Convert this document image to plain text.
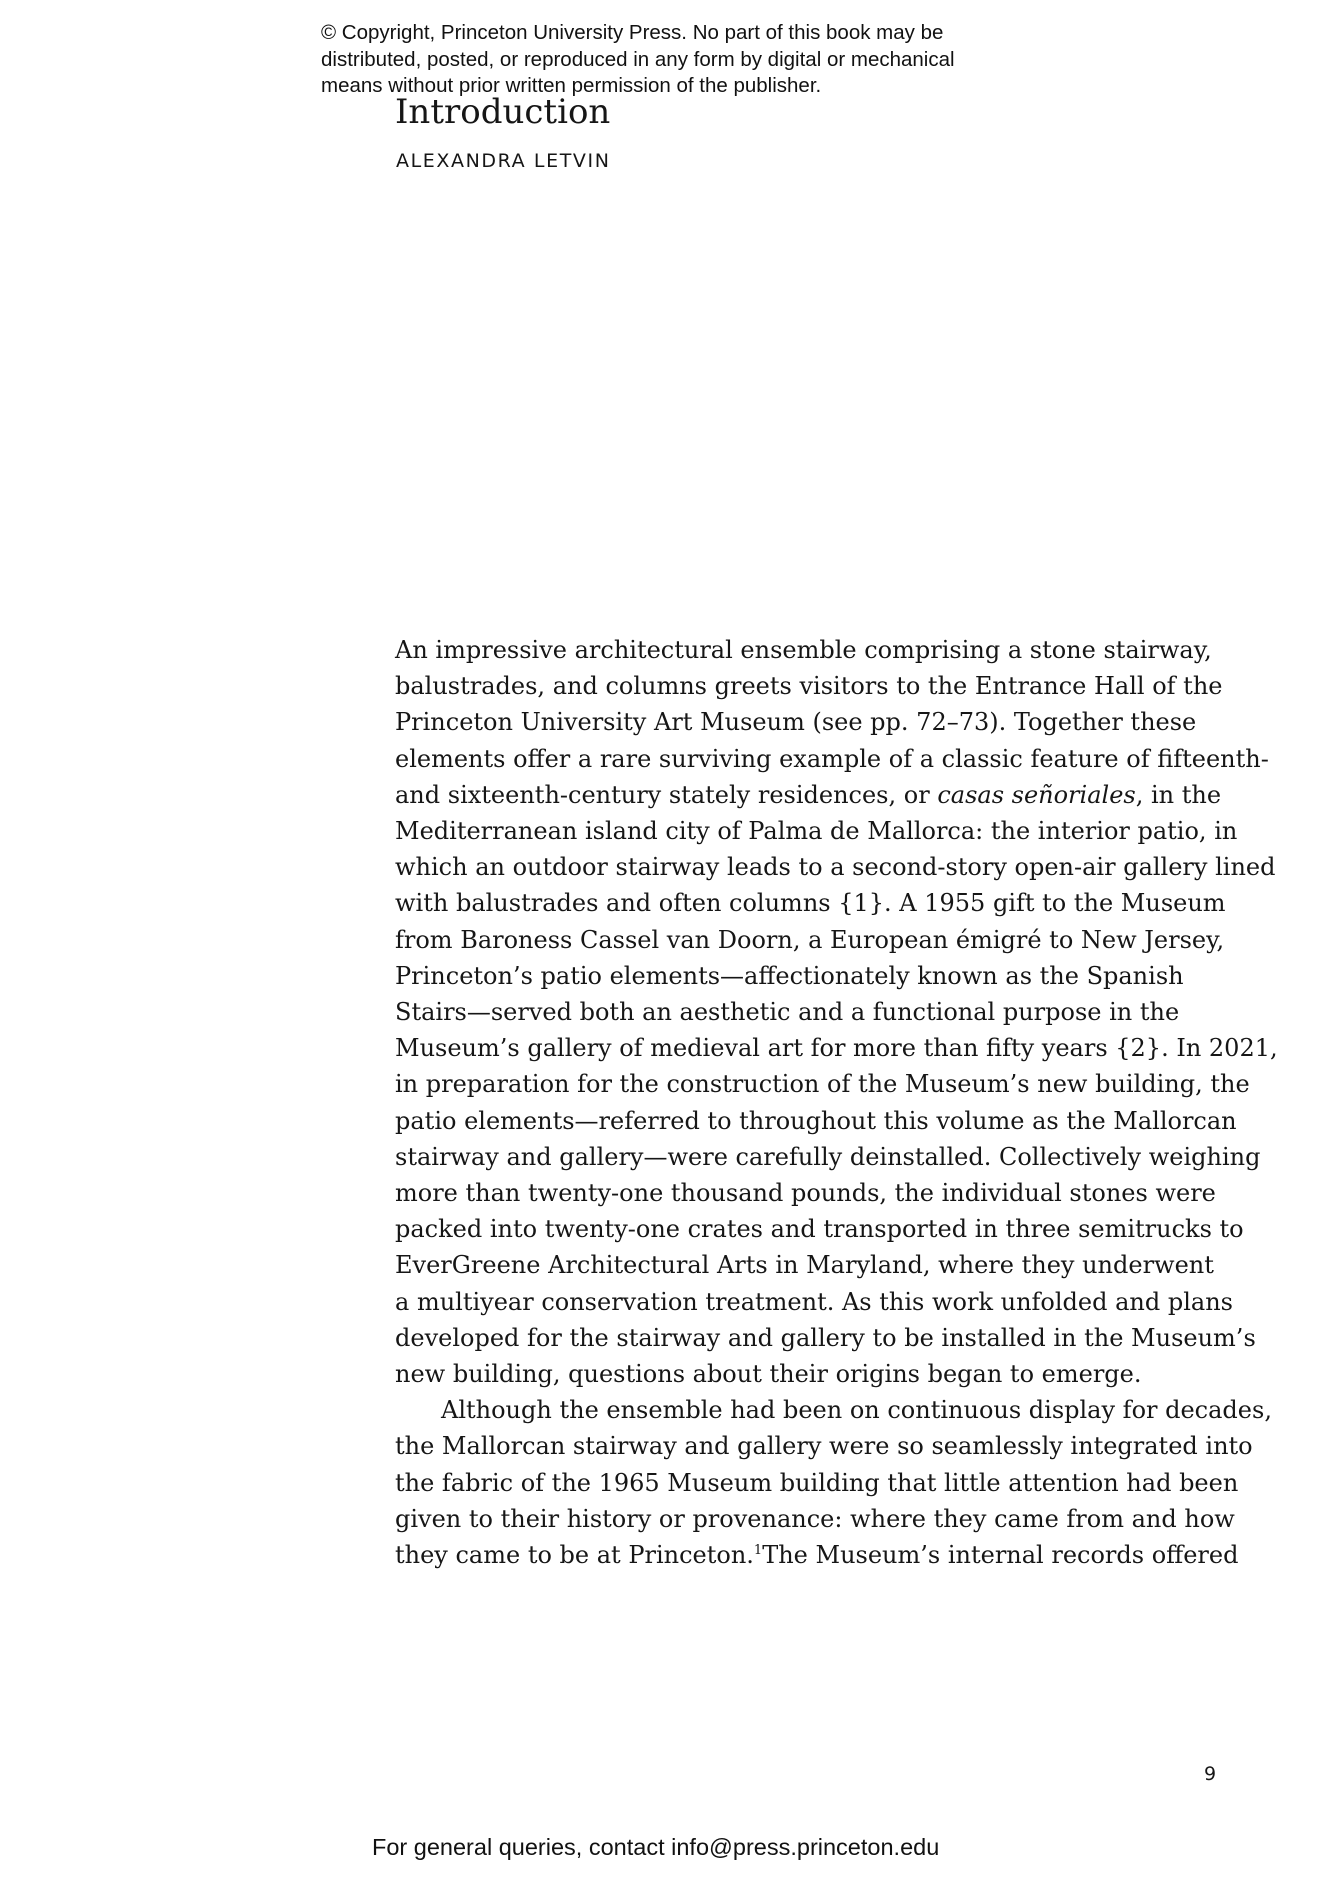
© Copyright, Princeton University Press. No part of this book may be
distributed, posted, or reproduced in any form by digital or mechanical
means without prior written permission of the publisher.
Introduction
ALEXANDRA LETVIN
An impressive architectural ensemble comprising a stone stairway,
balustrades, and columns greets visitors to the Entrance Hall of the
Princeton University Art Museum (see pp. 72–73). Together these
elements offer a rare surviving example of a classic feature of fifteenth-
and sixteenth-century stately residences, or casas señoriales, in the
Mediterranean island city of Palma de Mallorca: the interior patio, in
which an outdoor stairway leads to a second-story open-air gallery lined
with balustrades and often columns {1}. A 1955 gift to the Museum
from Baroness Cassel van Doorn, a European émigré to New Jersey,
Princeton’s patio elements—affectionately known as the Spanish
Stairs—served both an aesthetic and a functional purpose in the
Museum’s gallery of medieval art for more than fifty years {2}. In 2021,
in preparation for the construction of the Museum’s new building, the
patio elements—referred to throughout this volume as the Mallorcan
stairway and gallery—were carefully deinstalled. Collectively weighing
more than twenty-one thousand pounds, the individual stones were
packed into twenty-one crates and transported in three semitrucks to
EverGreene Architectural Arts in Maryland, where they underwent
a multiyear conservation treatment. As this work unfolded and plans
developed for the stairway and gallery to be installed in the Museum’s
new building, questions about their origins began to emerge.
Although the ensemble had been on continuous display for decades,
the Mallorcan stairway and gallery were so seamlessly integrated into
the fabric of the 1965 Museum building that little attention had been
given to their history or provenance: where they came from and how
they came to be at Princeton.$^1$The Museum’s internal records offered
9
For general queries, contact info@press.princeton.edu
